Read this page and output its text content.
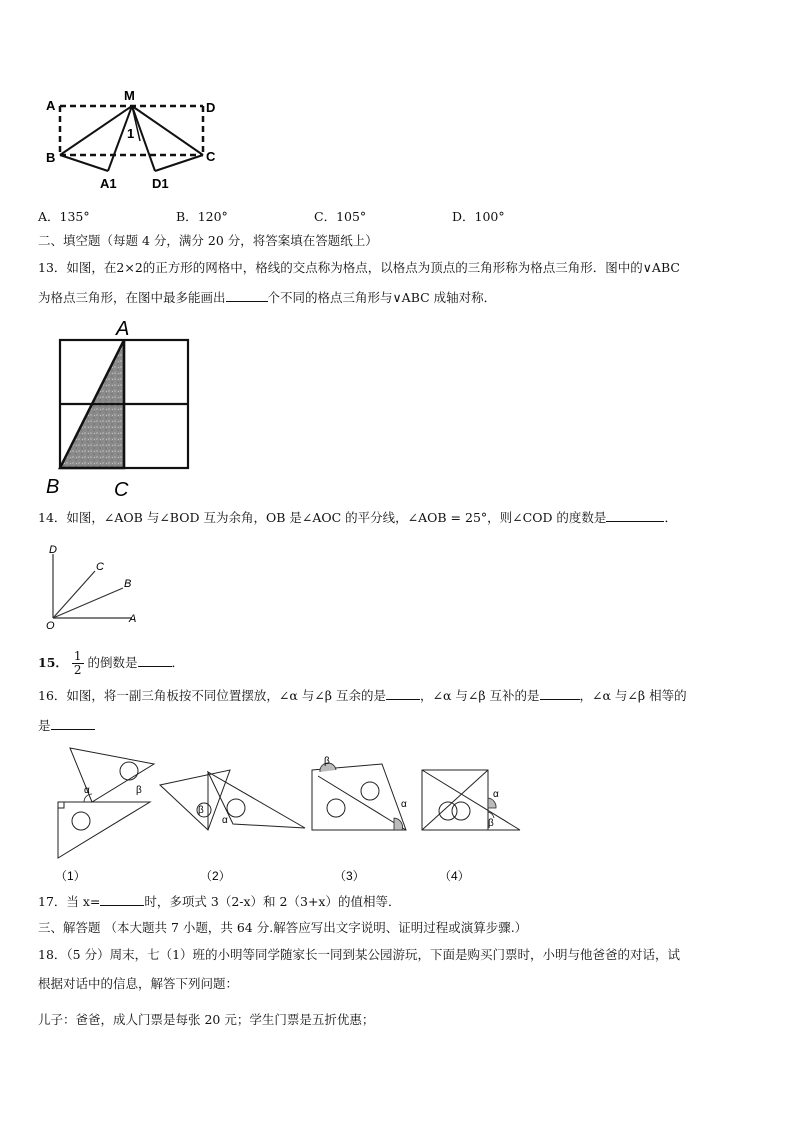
A
M
D
B	C
A1	D1
1
A．135°	B．120°	C．105°	D．100°
二、填空题（每题 4 分，满分 20 分，将答案填在答题纸上）
13．如图，在2×2的正方形的网格中，格线的交点称为格点，以格点为顶点的三角形称为格点三角形．图中的∨ABC
为格点三角形，在图中最多能画出	个不同的格点三角形与∨ABC 成轴对称．
A
B	C
14．如图，∠AOB 与∠BOD 互为余角，OB 是∠AOC 的平分线，∠AOB = 25°，则∠COD 的度数是	．
D
C
B
O
A
15． $\frac{1}{2}$ 的倒数是	．
16．如图，将一副三角板按不同位置摆放，∠α 与∠β 互余的是	，∠α 与∠β 互补的是	，∠α 与∠β 相等的
是
α	β
β
α
β
α
α
β
（1）	（2）	（3）	（4）
17．当 x=	时，多项式 3（2-x）和 2（3+x）的值相等．
三、解答题 （本大题共 7 小题，共 64 分.解答应写出文字说明、证明过程或演算步骤.）
18．（5 分）周末，七（1）班的小明等同学随家长一同到某公园游玩，下面是购买门票时，小明与他爸爸的对话，试
根据对话中的信息，解答下列问题：
儿子：爸爸，成人门票是每张 20 元；学生门票是五折优惠；
